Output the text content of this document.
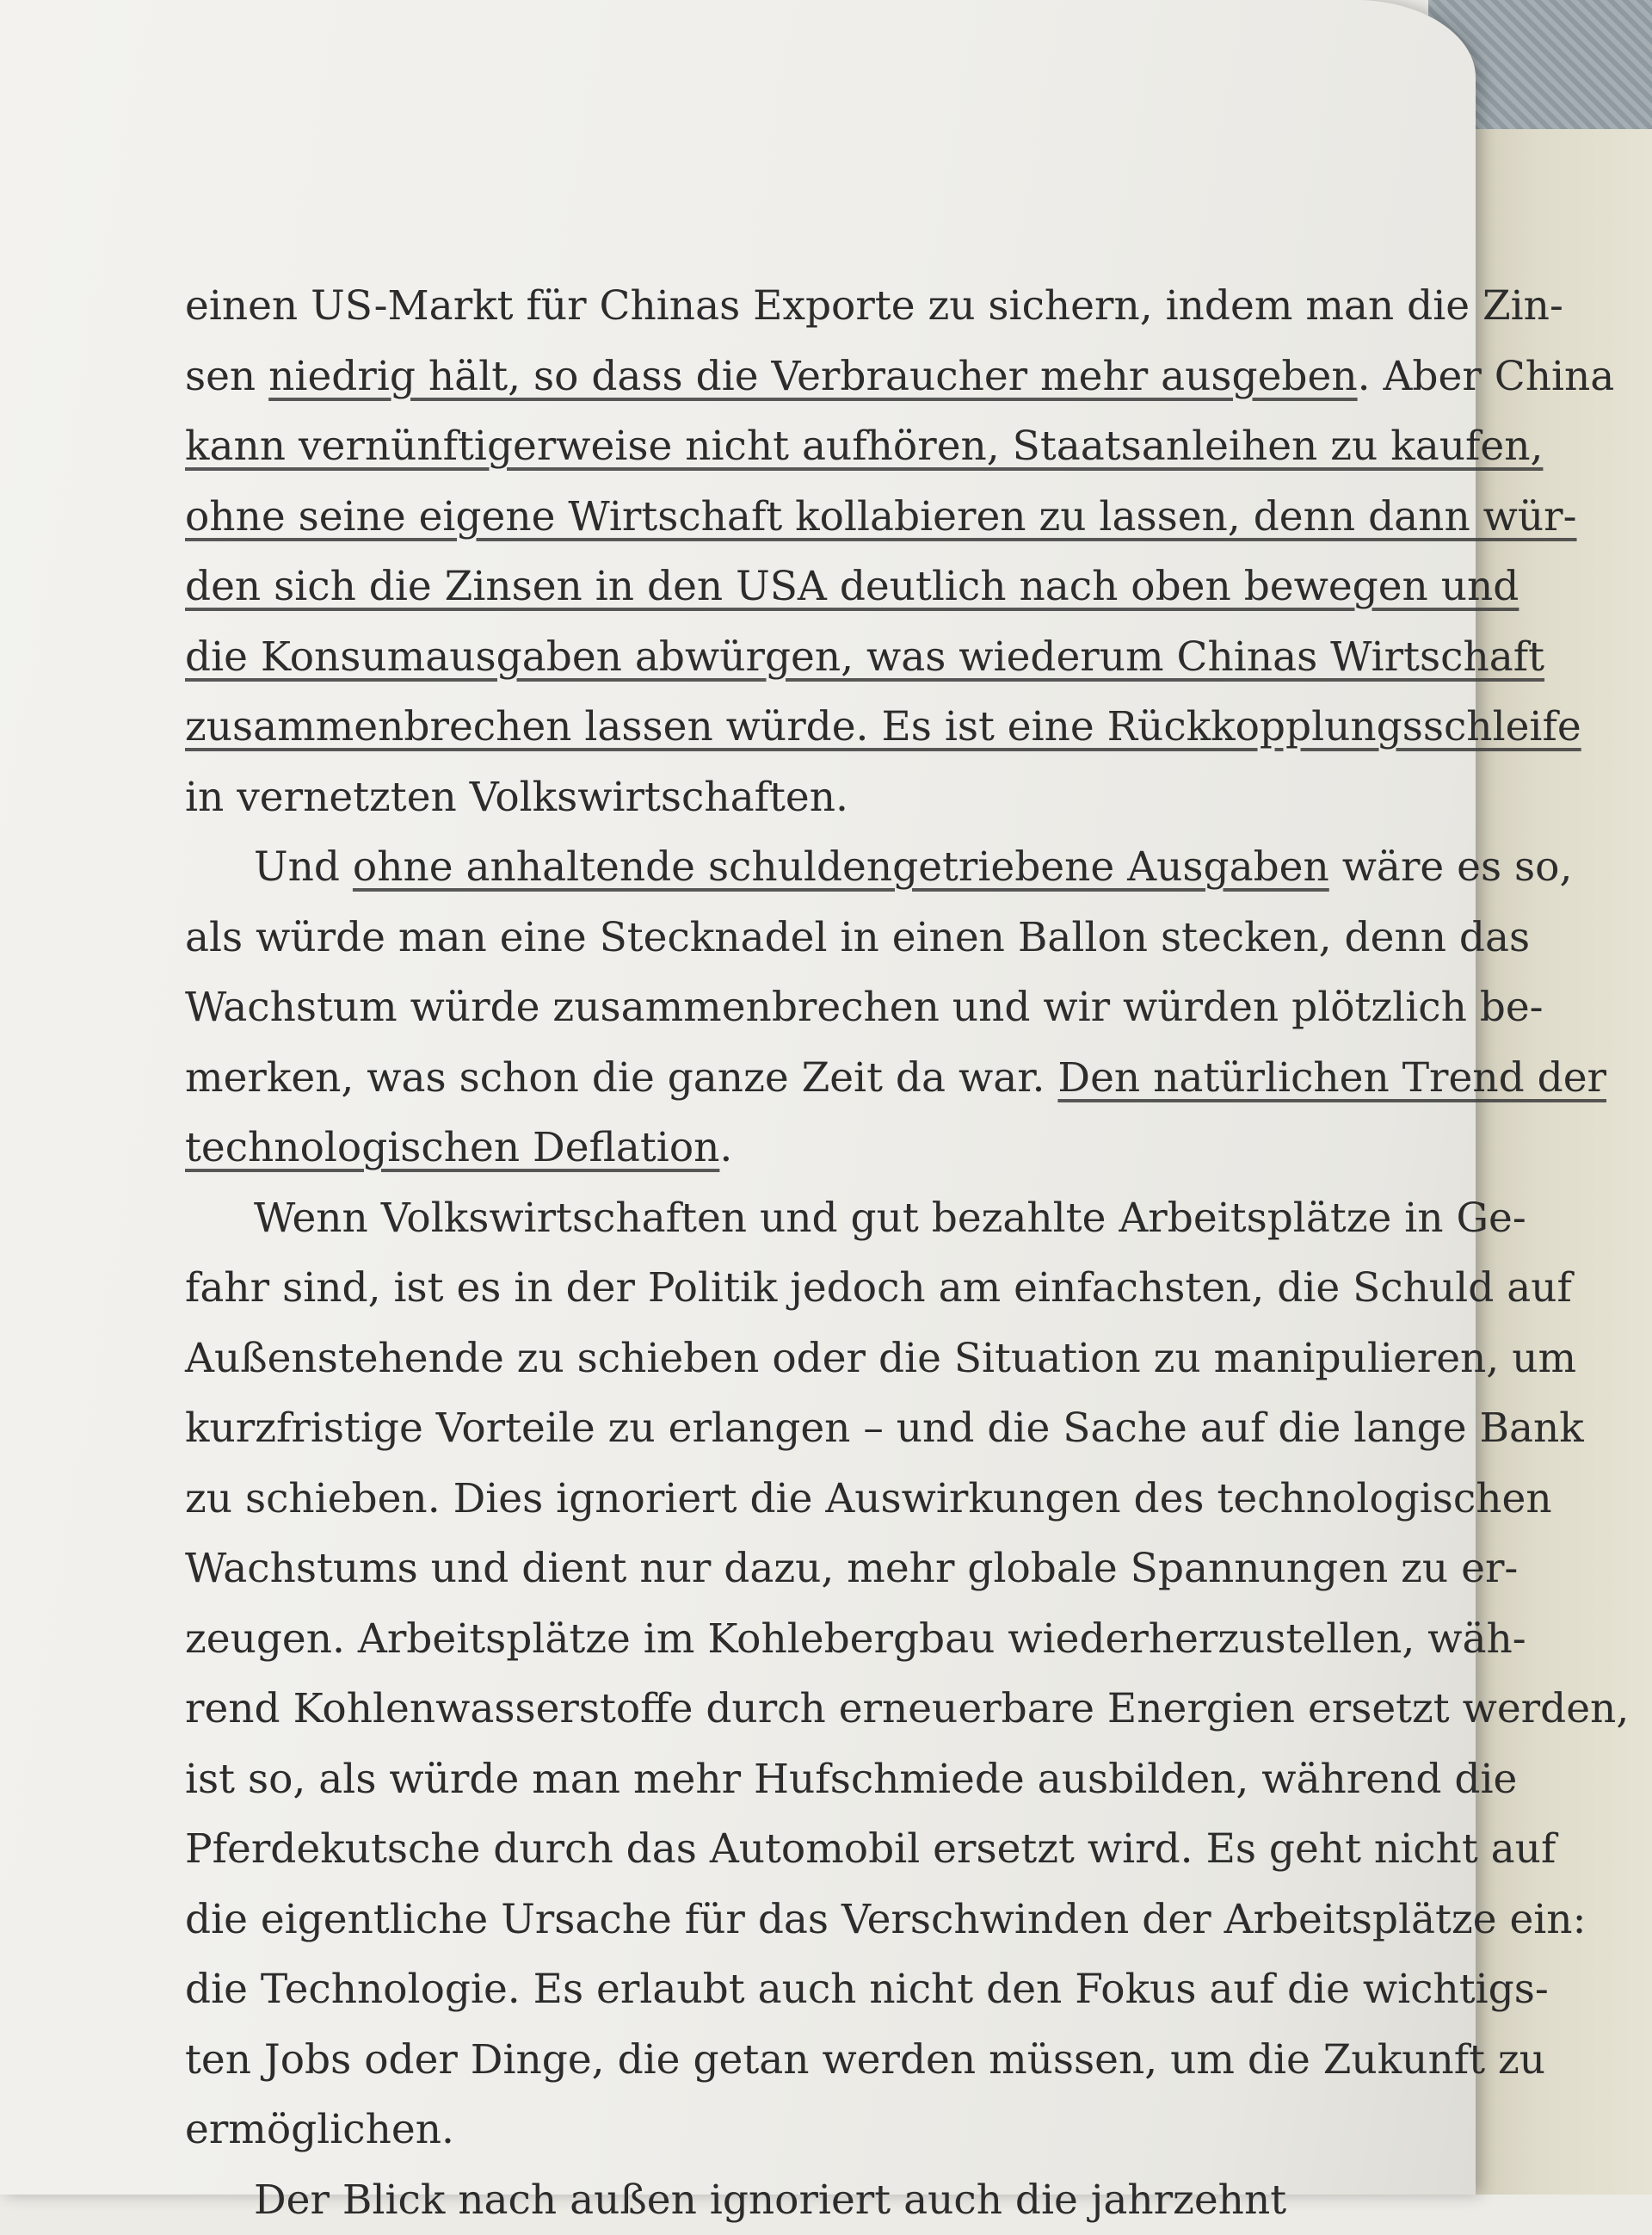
einen US-Markt für Chinas Exporte zu sichern, indem man die Zin-
sen niedrig hält, so dass die Verbraucher mehr ausgeben. Aber China
kann vernünftigerweise nicht aufhören, Staatsanleihen zu kaufen,
ohne seine eigene Wirtschaft kollabieren zu lassen, denn dann wür-
den sich die Zinsen in den USA deutlich nach oben bewegen und
die Konsumausgaben abwürgen, was wiederum Chinas Wirtschaft
zusammenbrechen lassen würde. Es ist eine Rückkopplungsschleife
in vernetzten Volkswirtschaften.
Und ohne anhaltende schuldengetriebene Ausgaben wäre es so,
als würde man eine Stecknadel in einen Ballon stecken, denn das
Wachstum würde zusammenbrechen und wir würden plötzlich be-
merken, was schon die ganze Zeit da war. Den natürlichen Trend der
technologischen Deflation.
Wenn Volkswirtschaften und gut bezahlte Arbeitsplätze in Ge-
fahr sind, ist es in der Politik jedoch am einfachsten, die Schuld auf
Außenstehende zu schieben oder die Situation zu manipulieren, um
kurzfristige Vorteile zu erlangen – und die Sache auf die lange Bank
zu schieben. Dies ignoriert die Auswirkungen des technologischen
Wachstums und dient nur dazu, mehr globale Spannungen zu er-
zeugen. Arbeitsplätze im Kohlebergbau wiederherzustellen, wäh-
rend Kohlenwasserstoffe durch erneuerbare Energien ersetzt werden,
ist so, als würde man mehr Hufschmiede ausbilden, während die
Pferdekutsche durch das Automobil ersetzt wird. Es geht nicht auf
die eigentliche Ursache für das Verschwinden der Arbeitsplätze ein:
die Technologie. Es erlaubt auch nicht den Fokus auf die wichtigs-
ten Jobs oder Dinge, die getan werden müssen, um die Zukunft zu
ermöglichen.
Der Blick nach außen ignoriert auch die jahrzehnt
